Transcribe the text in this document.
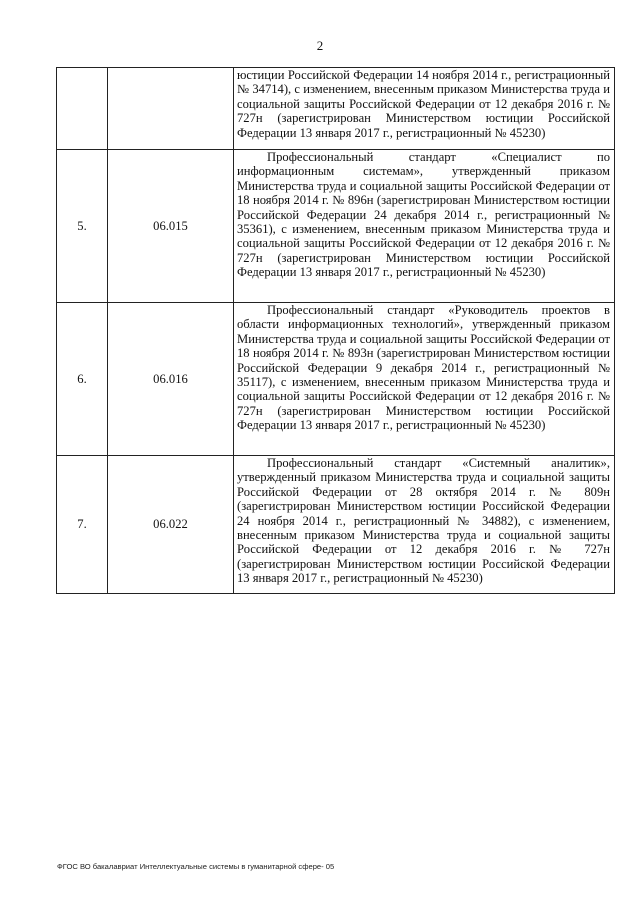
2

		юстиции Российской Федерации 14 ноября 2014 г., регистрационный № 34714), с изменением, внесенным приказом Министерства труда и социальной защиты Российской Федерации от 12 декабря 2016 г. № 727н (зарегистрирован Министерством юстиции Российской Федерации 13 января 2017 г., регистрационный № 45230)

5.	06.015	Профессиональный стандарт «Специалист по информационным системам», утвержденный приказом Министерства труда и социальной защиты Российской Федерации от 18 ноября 2014 г. № 896н (зарегистрирован Министерством юстиции Российской Федерации 24 декабря 2014 г., регистрационный № 35361), с изменением, внесенным приказом Министерства труда и социальной защиты Российской Федерации от 12 декабря 2016 г. № 727н (зарегистрирован Министерством юстиции Российской Федерации 13 января 2017 г., регистрационный № 45230)

6.	06.016	Профессиональный стандарт «Руководитель проектов в области информационных технологий», утвержденный приказом Министерства труда и социальной защиты Российской Федерации от 18 ноября 2014 г. № 893н (зарегистрирован Министерством юстиции Российской Федерации 9 декабря 2014 г., регистрационный № 35117), с изменением, внесенным приказом Министерства труда и социальной защиты Российской Федерации от 12 декабря 2016 г. № 727н (зарегистрирован Министерством юстиции Российской Федерации 13 января 2017 г., регистрационный № 45230)

7.	06.022	Профессиональный стандарт «Системный аналитик», утвержденный приказом Министерства труда и социальной защиты Российской Федерации от 28 октября 2014 г. № 809н (зарегистрирован Министерством юстиции Российской Федерации 24 ноября 2014 г., регистрационный № 34882), с изменением, внесенным приказом Министерства труда и социальной защиты Российской Федерации от 12 декабря 2016 г. № 727н (зарегистрирован Министерством юстиции Российской Федерации 13 января 2017 г., регистрационный № 45230)
ФГОС ВО бакалавриат Интеллектуальные системы в гуманитарной сфере- 05
